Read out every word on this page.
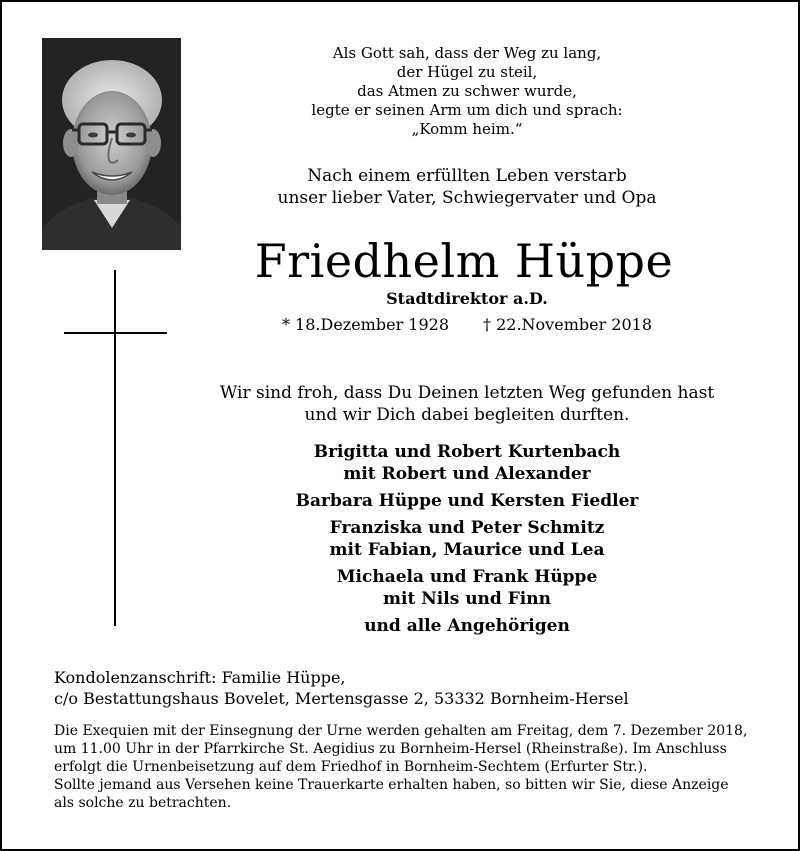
Als Gott sah, dass der Weg zu lang,
der Hügel zu steil,
das Atmen zu schwer wurde,
legte er seinen Arm um dich und sprach:
„Komm heim.“
Nach einem erfüllten Leben verstarb
unser lieber Vater, Schwiegervater und Opa
Friedhelm Hüppe
Stadtdirektor a.D.
* 18.Dezember 1928 † 22.November 2018
Wir sind froh, dass Du Deinen letzten Weg gefunden hast
und wir Dich dabei begleiten durften.
Brigitta und Robert Kurtenbach
mit Robert und Alexander
Barbara Hüppe und Kersten Fiedler
Franziska und Peter Schmitz
mit Fabian, Maurice und Lea
Michaela und Frank Hüppe
mit Nils und Finn
und alle Angehörigen
Kondolenzanschrift: Familie Hüppe,
c/o Bestattungshaus Bovelet, Mertensgasse 2, 53332 Bornheim-Hersel
Die Exequien mit der Einsegnung der Urne werden gehalten am Freitag, dem 7. Dezember 2018,
um 11.00 Uhr in der Pfarrkirche St. Aegidius zu Bornheim-Hersel (Rheinstraße). Im Anschluss
erfolgt die Urnenbeisetzung auf dem Friedhof in Bornheim-Sechtem (Erfurter Str.).
Sollte jemand aus Versehen keine Trauerkarte erhalten haben, so bitten wir Sie, diese Anzeige
als solche zu betrachten.
